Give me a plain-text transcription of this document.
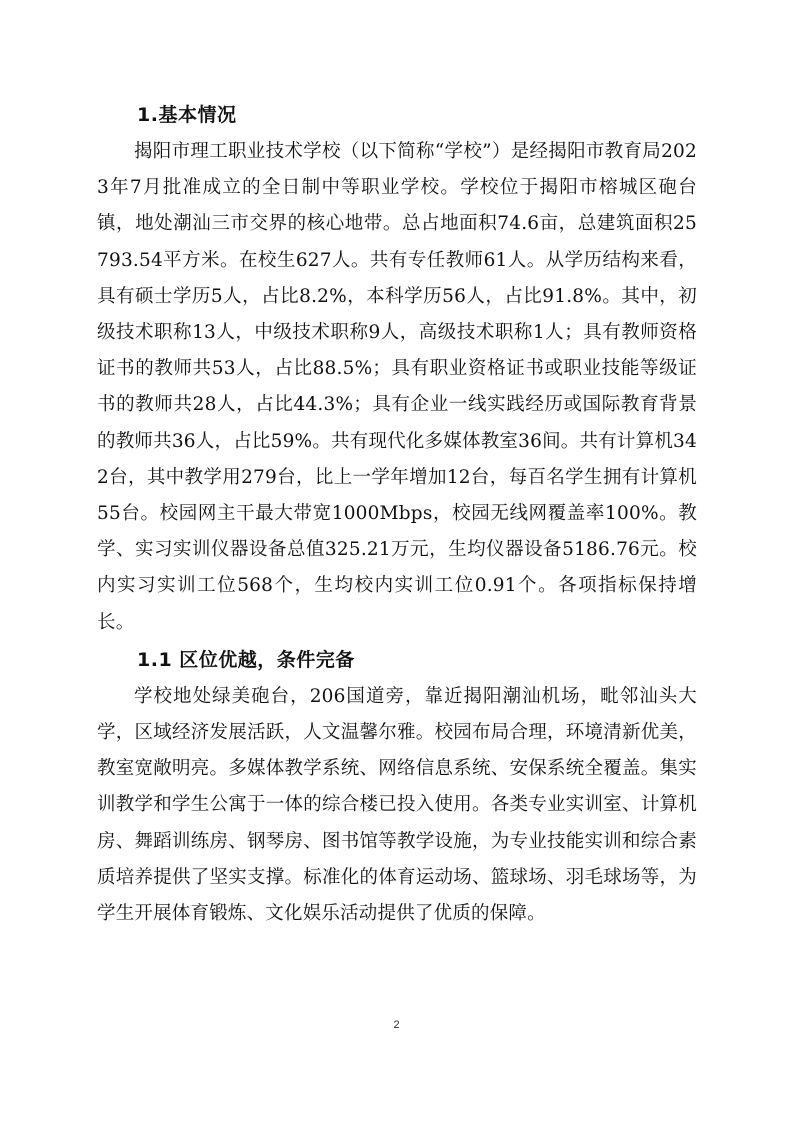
1.基本情况

揭阳市理工职业技术学校（以下简称“学校”）是经揭阳市教育局2023年7月批准成立的全日制中等职业学校。学校位于揭阳市榕城区砲台镇，地处潮汕三市交界的核心地带。总占地面积74.6亩，总建筑面积25793.54平方米。在校生627人。共有专任教师61人。从学历结构来看，具有硕士学历5人，占比8.2%，本科学历56人，占比91.8%。其中，初级技术职称13人，中级技术职称9人，高级技术职称1人；具有教师资格证书的教师共53人，占比88.5%；具有职业资格证书或职业技能等级证书的教师共28人，占比44.3%；具有企业一线实践经历或国际教育背景的教师共36人，占比59%。共有现代化多媒体教室36间。共有计算机342台，其中教学用279台，比上一学年增加12台，每百名学生拥有计算机55台。校园网主干最大带宽1000Mbps，校园无线网覆盖率100%。教学、实习实训仪器设备总值325.21万元，生均仪器设备5186.76元。校内实习实训工位568个，生均校内实训工位0.91个。各项指标保持增长。

1.1 区位优越，条件完备

学校地处绿美砲台，206国道旁，靠近揭阳潮汕机场，毗邻汕头大学，区域经济发展活跃，人文温馨尔雅。校园布局合理，环境清新优美，教室宽敞明亮。多媒体教学系统、网络信息系统、安保系统全覆盖。集实训教学和学生公寓于一体的综合楼已投入使用。各类专业实训室、计算机房、舞蹈训练房、钢琴房、图书馆等教学设施，为专业技能实训和综合素质培养提供了坚实支撑。标准化的体育运动场、篮球场、羽毛球场等，为学生开展体育锻炼、文化娱乐活动提供了优质的保障。

2
